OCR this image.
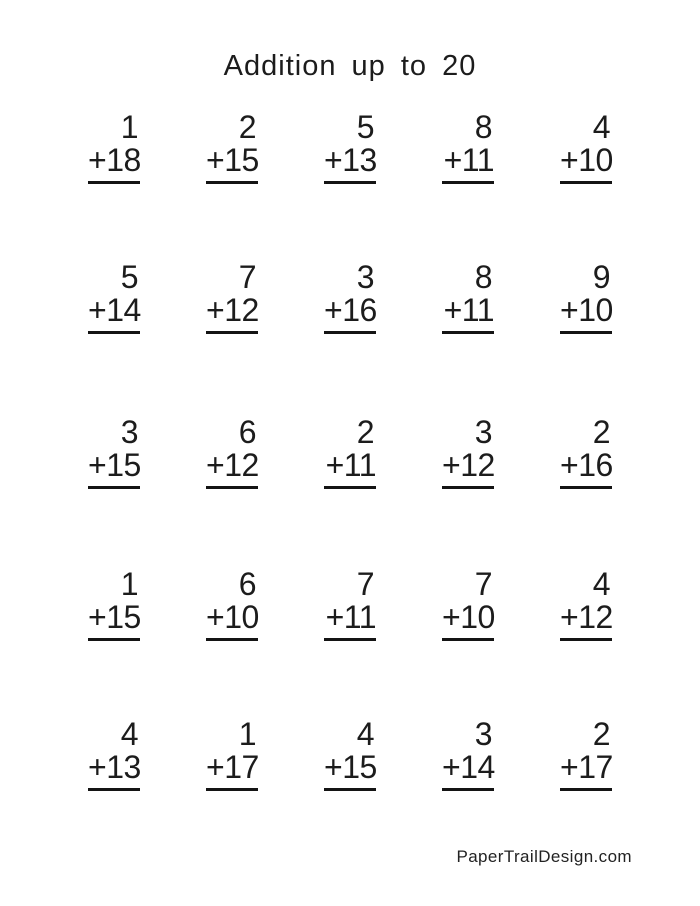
Addition up to 20
1
+18
2
+15
5
+13
8
+11
4
+10
5
+14
7
+12
3
+16
8
+11
9
+10
3
+15
6
+12
2
+11
3
+12
2
+16
1
+15
6
+10
7
+11
7
+10
4
+12
4
+13
1
+17
4
+15
3
+14
2
+17
PaperTrailDesign.com
